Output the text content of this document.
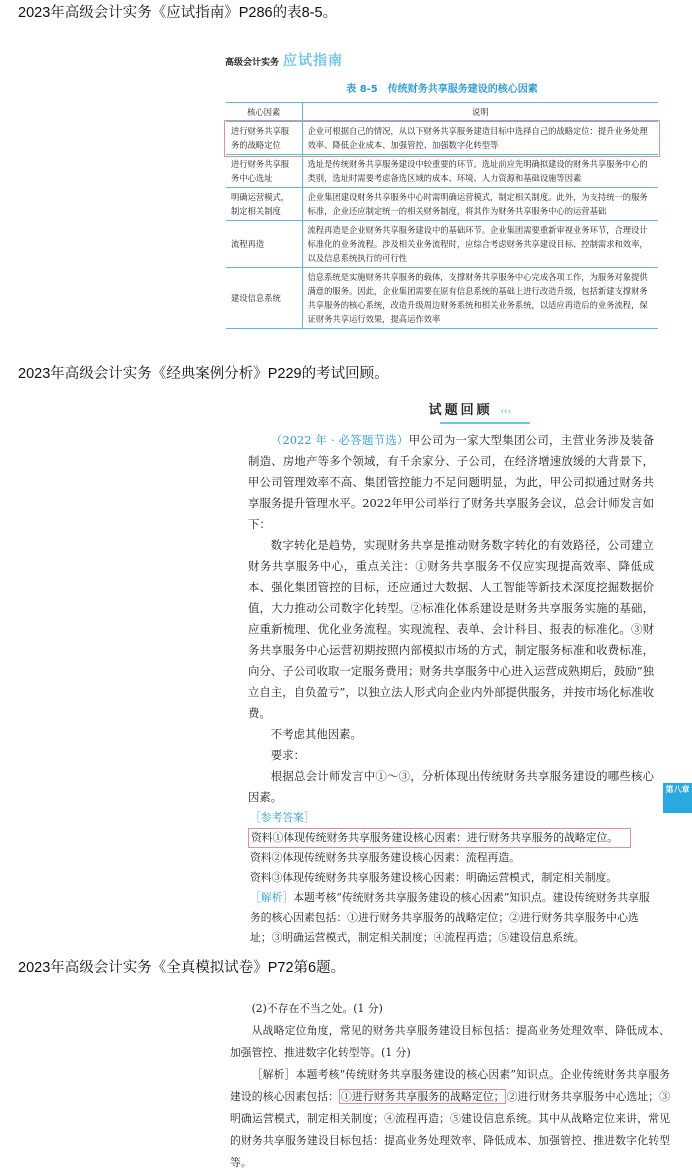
2023年高级会计实务《应试指南》P286的表8-5。
高级会计实务 应试指南
表 8-5　传统财务共享服务建设的核心因素
核心因素	说明
进行财务共享服务的战略定位	企业可根据自己的情况，从以下财务共享服务建造目标中选择自己的战略定位：提升业务处理效率、降低企业成本、加强管控、加强数字化转型等
进行财务共享服务中心选址	选址是传统财务共享服务建设中较重要的环节。选址前应先明确拟建设的财务共享服务中心的类别，选址时需要考虑备选区域的成本、环境、人力资源和基础设施等因素
明确运营模式，制定相关制度	企业集团建设财务共享服务中心时需明确运营模式，制定相关制度。此外，为支持统一的服务标准，企业还应制定统一的相关财务制度，将其作为财务共享服务中心的运营基础
流程再造	流程再造是企业财务共享服务建设中的基础环节。企业集团需要重新审视业务环节，合理设计标准化的业务流程。涉及相关业务流程时，应综合考虑财务共享建设目标、控制需求和效率，以及信息系统执行的可行性
建设信息系统	信息系统是实施财务共享服务的载体，支撑财务共享服务中心完成各项工作，为服务对象提供满意的服务。因此，企业集团需要在原有信息系统的基础上进行改造升级，包括新建支撑财务共享服务的核心系统，改造升级周边财务系统和相关业务系统，以适应再造后的业务流程，保证财务共享运行效果，提高运作效率
2023年高级会计实务《经典案例分析》P229的考试回顾。
试题回顾 ‹‹‹

（2022 年 · 必答题节选）甲公司为一家大型集团公司，主营业务涉及装备制造、房地产等多个领域，有千余家分、子公司，在经济增速放缓的大背景下，甲公司管理效率不高、集团管控能力不足问题明显，为此，甲公司拟通过财务共享服务提升管理水平。2022年甲公司举行了财务共享服务会议，总会计师发言如下：

数字转化是趋势，实现财务共享是推动财务数字转化的有效路径，公司建立财务共享服务中心，重点关注：①财务共享服务不仅应实现提高效率、降低成本、强化集团管控的目标，还应通过大数据、人工智能等新技术深度挖掘数据价值，大力推动公司数字化转型。②标准化体系建设是财务共享服务实施的基础，应重新梳理、优化业务流程。实现流程、表单、会计科目、报表的标准化。③财务共享服务中心运营初期按照内部模拟市场的方式，制定服务标准和收费标准，向分、子公司收取一定服务费用；财务共享服务中心进入运营成熟期后，鼓励“独立自主，自负盈亏”，以独立法人形式向企业内外部提供服务，并按市场化标准收费。

不考虑其他因素。

要求：

根据总会计师发言中①～③，分析体现出传统财务共享服务建设的哪些核心因素。

［参考答案］
资料①体现传统财务共享服务建设核心因素：进行财务共享服务的战略定位。
资料②体现传统财务共享服务建设核心因素：流程再造。
资料③体现传统财务共享服务建设核心因素：明确运营模式，制定相关制度。
［解析］本题考核“传统财务共享服务建设的核心因素”知识点。建设传统财务共享服务的核心因素包括：①进行财务共享服务的战略定位；②进行财务共享服务中心选址；③明确运营模式，制定相关制度；④流程再造；⑤建设信息系统。
第八章
2023年高级会计实务《全真模拟试卷》P72第6题。

(2)不存在不当之处。(1 分)

从战略定位角度，常见的财务共享服务建设目标包括：提高业务处理效率、降低成本、加强管控、推进数字化转型等。(1 分)

［解析］本题考核“传统财务共享服务建设的核心因素”知识点。企业传统财务共享服务建设的核心因素包括： ①进行财务共享服务的战略定位； ②进行财务共享服务中心选址；③明确运营模式，制定相关制度；④流程再造；⑤建设信息系统。其中从战略定位来讲，常见的财务共享服务建设目标包括：提高业务处理效率、降低成本、加强管控、推进数字化转型等。
